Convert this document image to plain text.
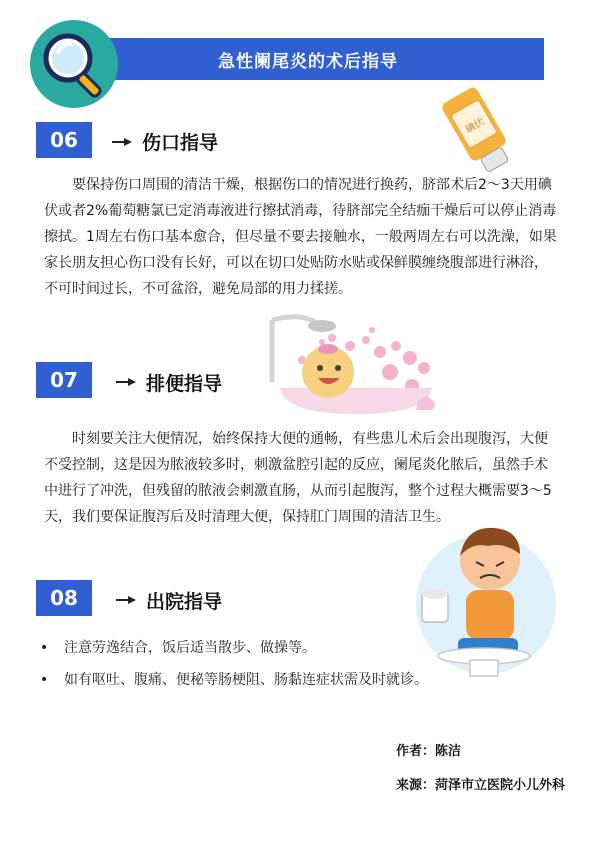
急性阑尾炎的术后指导
碘伏
06	伤口指导

要保持伤口周围的清洁干燥，根据伤口的情况进行换药，脐部术后2～3天用碘伏或者2%葡萄糖氯已定消毒液进行擦拭消毒，待脐部完全结痂干燥后可以停止消毒擦拭。1周左右伤口基本愈合，但尽量不要去接触水，一般两周左右可以洗澡，如果家长朋友担心伤口没有长好，可以在切口处贴防水贴或保鲜膜缠绕腹部进行淋浴，不可时间过长，不可盆浴，避免局部的用力揉搓。

07	排便指导

时刻要关注大便情况，始终保持大便的通畅，有些患儿术后会出现腹泻，大便不受控制，这是因为脓液较多时，刺激盆腔引起的反应，阑尾炎化脓后，虽然手术中进行了冲洗，但残留的脓液会刺激直肠，从而引起腹泻，整个过程大概需要3～5天，我们要保证腹泻后及时清理大便，保持肛门周围的清洁卫生。

08	出院指导
• 注意劳逸结合，饭后适当散步、做操等。
• 如有呕吐、腹痛、便秘等肠梗阻、肠黏连症状需及时就诊。
作者：陈洁
来源：菏泽市立医院小儿外科
